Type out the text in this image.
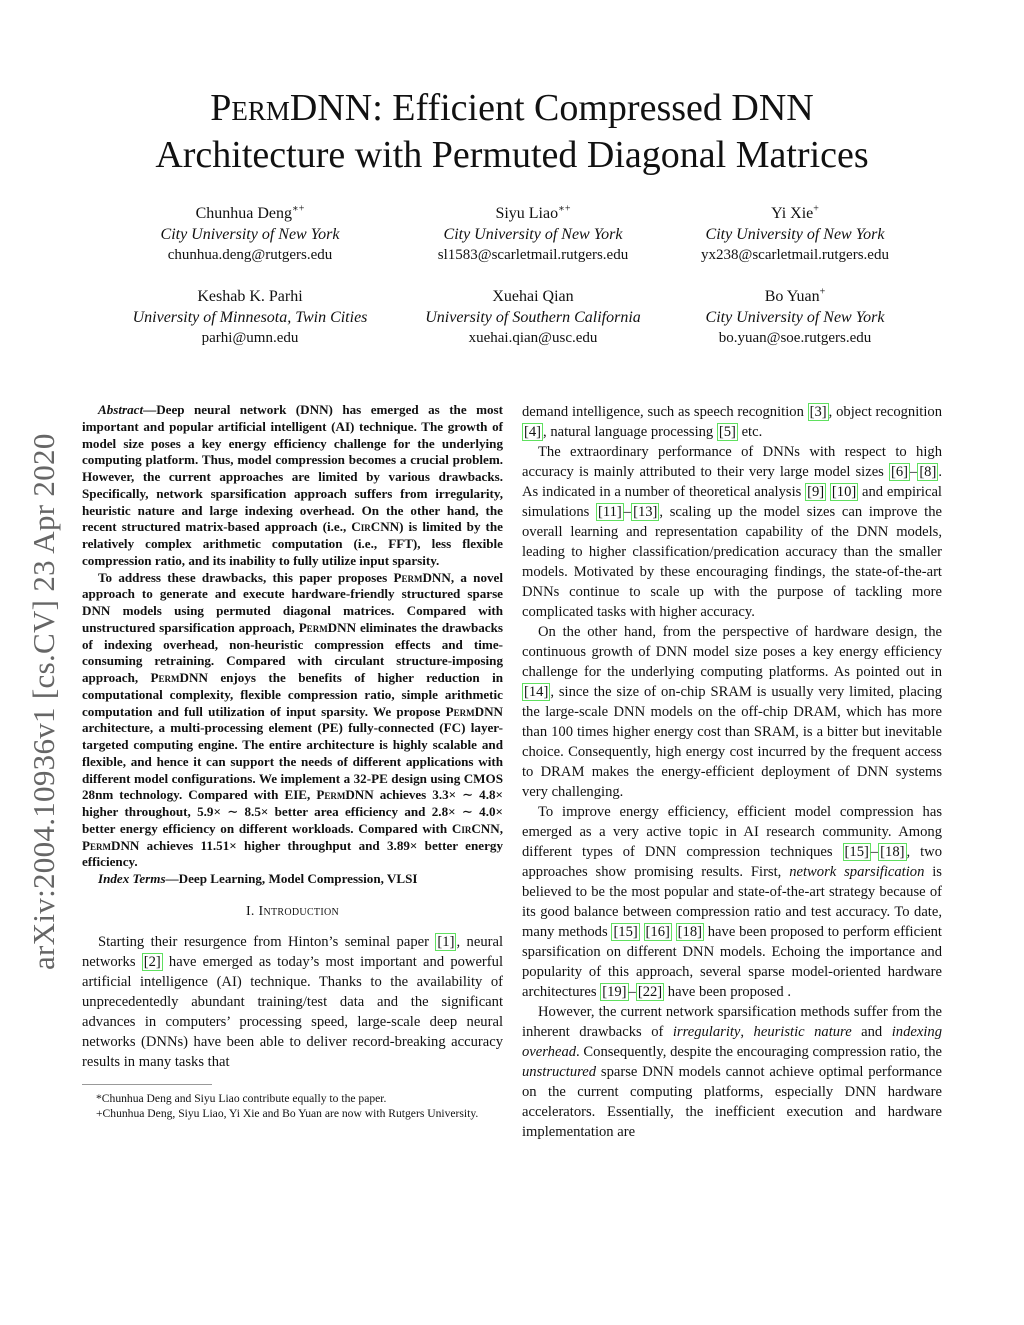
arXiv:2004.10936v1 [cs.CV] 23 Apr 2020
PermDNN: Efficient Compressed DNN
Architecture with Permuted Diagonal Matrices
Chunhua Deng∗+
City University of New York
chunhua.deng@rutgers.edu
Siyu Liao∗+
City University of New York
sl1583@scarletmail.rutgers.edu
Yi Xie+
City University of New York
yx238@scarletmail.rutgers.edu
Keshab K. Parhi
University of Minnesota, Twin Cities
parhi@umn.edu
Xuehai Qian
University of Southern California
xuehai.qian@usc.edu
Bo Yuan+
City University of New York
bo.yuan@soe.rutgers.edu

Abstract—Deep neural network (DNN) has emerged as the most important and popular artificial intelligent (AI) technique. The growth of model size poses a key energy efficiency challenge for the underlying computing platform. Thus, model compression becomes a crucial problem. However, the current approaches are limited by various drawbacks. Specifically, network sparsification approach suffers from irregularity, heuristic nature and large indexing overhead. On the other hand, the recent structured matrix-based approach (i.e., CirCNN) is limited by the relatively complex arithmetic computation (i.e., FFT), less flexible compression ratio, and its inability to fully utilize input sparsity.

To address these drawbacks, this paper proposes PermDNN, a novel approach to generate and execute hardware-friendly structured sparse DNN models using permuted diagonal matrices. Compared with unstructured sparsification approach, PermDNN eliminates the drawbacks of indexing overhead, non-heuristic compression effects and time-consuming retraining. Compared with circulant structure-imposing approach, PermDNN enjoys the benefits of higher reduction in computational complexity, flexible compression ratio, simple arithmetic computation and full utilization of input sparsity. We propose PermDNN architecture, a multi-processing element (PE) fully-connected (FC) layer-targeted computing engine. The entire architecture is highly scalable and flexible, and hence it can support the needs of different applications with different model configurations. We implement a 32-PE design using CMOS 28nm technology. Compared with EIE, PermDNN achieves 3.3× ∼ 4.8× higher throughout, 5.9× ∼ 8.5× better area efficiency and 2.8× ∼ 4.0× better energy efficiency on different workloads. Compared with CirCNN, PermDNN achieves 11.51× higher throughput and 3.89× better energy efficiency.

Index Terms—Deep Learning, Model Compression, VLSI

I. Introduction

Starting their resurgence from Hinton’s seminal paper [1] , neural networks [2] have emerged as today’s most important and powerful artificial intelligence (AI) technique. Thanks to the availability of unprecedentedly abundant training/test data and the significant advances in computers’ processing speed, large-scale deep neural networks (DNNs) have been able to deliver record-breaking accuracy results in many tasks that

*Chunhua Deng and Siyu Liao contribute equally to the paper.

+Chunhua Deng, Siyu Liao, Yi Xie and Bo Yuan are now with Rutgers University.

demand intelligence, such as speech recognition [3] , object recognition [4] , natural language processing [5] etc.

The extraordinary performance of DNNs with respect to high accuracy is mainly attributed to their very large model sizes [6] – [8] . As indicated in a number of theoretical analysis [9] [10] and empirical simulations [11] – [13] , scaling up the model sizes can improve the overall learning and representation capability of the DNN models, leading to higher classification/predication accuracy than the smaller models. Motivated by these encouraging findings, the state-of-the-art DNNs continue to scale up with the purpose of tackling more complicated tasks with higher accuracy.

On the other hand, from the perspective of hardware design, the continuous growth of DNN model size poses a key energy efficiency challenge for the underlying computing platforms. As pointed out in [14] , since the size of on-chip SRAM is usually very limited, placing the large-scale DNN models on the off-chip DRAM, which has more than 100 times higher energy cost than SRAM, is a bitter but inevitable choice. Consequently, high energy cost incurred by the frequent access to DRAM makes the energy-efficient deployment of DNN systems very challenging.

To improve energy efficiency, efficient model compression has emerged as a very active topic in AI research community. Among different types of DNN compression techniques [15] – [18] , two approaches show promising results. First, network sparsification is believed to be the most popular and state-of-the-art strategy because of its good balance between compression ratio and test accuracy. To date, many methods [15] [16] [18] have been proposed to perform efficient sparsification on different DNN models. Echoing the importance and popularity of this approach, several sparse model-oriented hardware architectures [19] – [22] have been proposed .

However, the current network sparsification methods suffer from the inherent drawbacks of irregularity, heuristic nature and indexing overhead. Consequently, despite the encouraging compression ratio, the unstructured sparse DNN models cannot achieve optimal performance on the current computing platforms, especially DNN hardware accelerators. Essentially, the inefficient execution and hardware implementation are
